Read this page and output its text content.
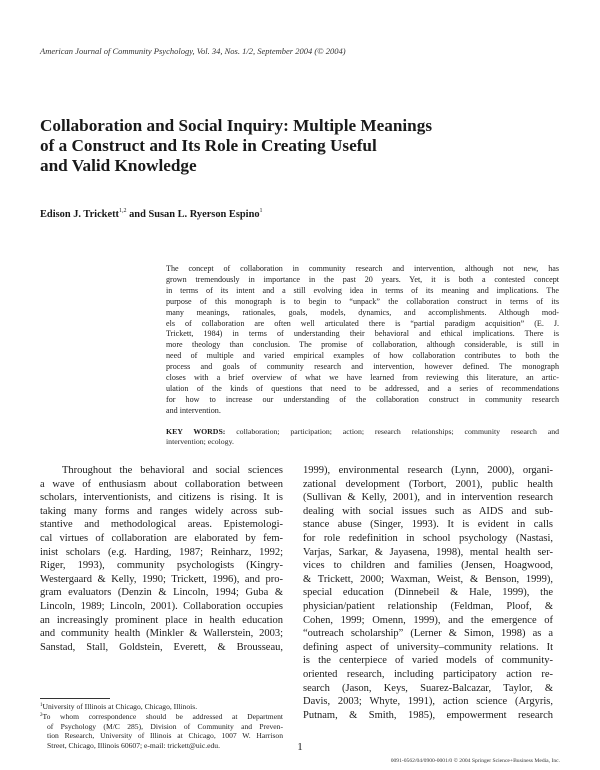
American Journal of Community Psychology, Vol. 34, Nos. 1/2, September 2004 (© 2004)
Collaboration and Social Inquiry: Multiple Meanings
of a Construct and Its Role in Creating Useful
and Valid Knowledge
Edison J. Trickett$^{1,2}$ and Susan L. Ryerson Espino$^1$
The concept of collaboration in community research and intervention, although not new, has
grown tremendously in importance in the past 20 years. Yet, it is both a contested concept
in terms of its intent and a still evolving idea in terms of its meaning and implications. The
purpose of this monograph is to begin to “unpack” the collaboration construct in terms of its
many meanings, rationales, goals, models, dynamics, and accomplishments. Although mod-
els of collaboration are often well articulated there is “partial paradigm acquisition” (E. J.
Trickett, 1984) in terms of understanding their behavioral and ethical implications. There is
more theology than conclusion. The promise of collaboration, although considerable, is still in
need of multiple and varied empirical examples of how collaboration contributes to both the
process and goals of community research and intervention, however defined. The monograph
closes with a brief overview of what we have learned from reviewing this literature, an artic-
ulation of the kinds of questions that need to be addressed, and a series of recommendations
for how to increase our understanding of the collaboration construct in community research
and intervention.
KEY WORDS: collaboration; participation; action; research relationships; community research and
intervention; ecology.
Throughout the behavioral and social sciences
a wave of enthusiasm about collaboration between
scholars, interventionists, and citizens is rising. It is
taking many forms and ranges widely across sub-
stantive and methodological areas. Epistemologi-
cal virtues of collaboration are elaborated by fem-
inist scholars (e.g. Harding, 1987; Reinharz, 1992;
Riger, 1993), community psychologists (Kingry-
Westergaard & Kelly, 1990; Trickett, 1996), and pro-
gram evaluators (Denzin & Lincoln, 1994; Guba &
Lincoln, 1989; Lincoln, 2001). Collaboration occupies
an increasingly prominent place in health education
and community health (Minkler & Wallerstein, 2003;
Sanstad, Stall, Goldstein, Everett, & Brousseau,
1999), environmental research (Lynn, 2000), organi-
zational development (Torbort, 2001), public health
(Sullivan & Kelly, 2001), and in intervention research
dealing with social issues such as AIDS and sub-
stance abuse (Singer, 1993). It is evident in calls
for role redefinition in school psychology (Nastasi,
Varjas, Sarkar, & Jayasena, 1998), mental health ser-
vices to children and families (Jensen, Hoagwood,
& Trickett, 2000; Waxman, Weist, & Benson, 1999),
special education (Dinnebeil & Hale, 1999), the
physician/patient relationship (Feldman, Ploof, &
Cohen, 1999; Omenn, 1999), and the emergence of
“outreach scholarship” (Lerner & Simon, 1998) as a
defining aspect of university–community relations. It
is the centerpiece of varied models of community-
oriented research, including participatory action re-
search (Jason, Keys, Suarez-Balcazar, Taylor, &
Davis, 2003; Whyte, 1991), action science (Argyris,
Putnam, & Smith, 1985), empowerment research
$^1$University of Illinois at Chicago, Chicago, Illinois.
$^2$To whom correspondence should be addressed at Department
of Psychology (M/C 285), Division of Community and Preven-
tion Research, University of Illinois at Chicago, 1007 W. Harrison
Street, Chicago, Illinois 60607; e-mail: trickett@uic.edu.	1
0091-0562/04/0900-0001/0 © 2004 Springer Science+Business Media, Inc.
